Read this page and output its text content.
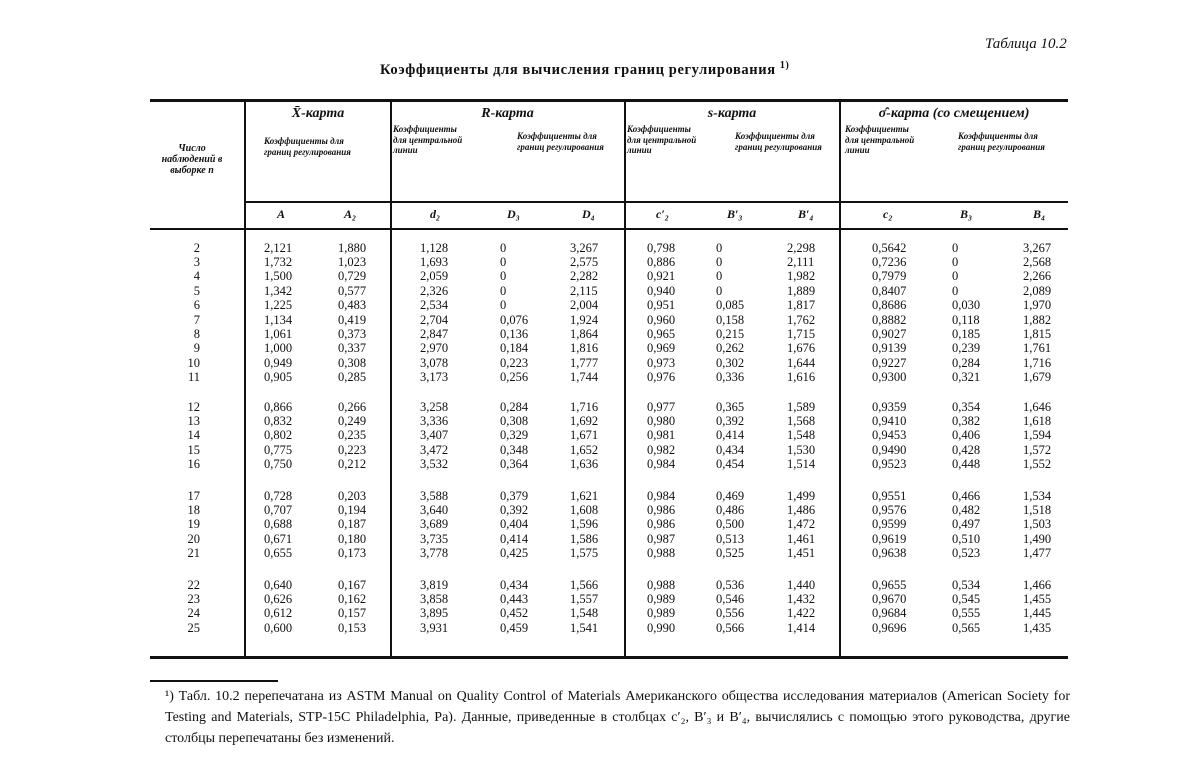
Таблица 10.2
Коэффициенты для вычисления границ регулирования $^{1)}$
Число наблюдений в выборке n
X̄-карта	R-карта	s-карта	σ̂-карта (со смещением)
Коэффициенты для границ регулирования
Коэффициенты для центральной линии
Коэффициенты для границ регулирования
Коэффициенты для центральной линии
Коэффициенты для границ регулирования
Коэффициенты для центральной линии
Коэффициенты для границ регулирования
A	A₂	d₂	D₃	D₄	c′₂	B′₃	B′₄	c₂	B₃	B₄
2	2,121	1,880	1,128	0	3,267	0,798	0	2,298	0,5642	0	3,267
3	1,732	1,023	1,693	0	2,575	0,886	0	2,111	0,7236	0	2,568
4	1,500	0,729	2,059	0	2,282	0,921	0	1,982	0,7979	0	2,266
5	1,342	0,577	2,326	0	2,115	0,940	0	1,889	0,8407	0	2,089
6	1,225	0,483	2,534	0	2,004	0,951	0,085	1,817	0,8686	0,030	1,970
7	1,134	0,419	2,704	0,076	1,924	0,960	0,158	1,762	0,8882	0,118	1,882
8	1,061	0,373	2,847	0,136	1,864	0,965	0,215	1,715	0,9027	0,185	1,815
9	1,000	0,337	2,970	0,184	1,816	0,969	0,262	1,676	0,9139	0,239	1,761
10	0,949	0,308	3,078	0,223	1,777	0,973	0,302	1,644	0,9227	0,284	1,716
11	0,905	0,285	3,173	0,256	1,744	0,976	0,336	1,616	0,9300	0,321	1,679
12	0,866	0,266	3,258	0,284	1,716	0,977	0,365	1,589	0,9359	0,354	1,646
13	0,832	0,249	3,336	0,308	1,692	0,980	0,392	1,568	0,9410	0,382	1,618
14	0,802	0,235	3,407	0,329	1,671	0,981	0,414	1,548	0,9453	0,406	1,594
15	0,775	0,223	3,472	0,348	1,652	0,982	0,434	1,530	0,9490	0,428	1,572
16	0,750	0,212	3,532	0,364	1,636	0,984	0,454	1,514	0,9523	0,448	1,552
17	0,728	0,203	3,588	0,379	1,621	0,984	0,469	1,499	0,9551	0,466	1,534
18	0,707	0,194	3,640	0,392	1,608	0,986	0,486	1,486	0,9576	0,482	1,518
19	0,688	0,187	3,689	0,404	1,596	0,986	0,500	1,472	0,9599	0,497	1,503
20	0,671	0,180	3,735	0,414	1,586	0,987	0,513	1,461	0,9619	0,510	1,490
21	0,655	0,173	3,778	0,425	1,575	0,988	0,525	1,451	0,9638	0,523	1,477
22	0,640	0,167	3,819	0,434	1,566	0,988	0,536	1,440	0,9655	0,534	1,466
23	0,626	0,162	3,858	0,443	1,557	0,989	0,546	1,432	0,9670	0,545	1,455
24	0,612	0,157	3,895	0,452	1,548	0,989	0,556	1,422	0,9684	0,555	1,445
25	0,600	0,153	3,931	0,459	1,541	0,990	0,566	1,414	0,9696	0,565	1,435
¹) Табл. 10.2 перепечатана из ASTM Manual on Quality Control of Materials Американского общества исследования материалов (American Society for Testing and Materials, STP-15C Philadelphia, Pa). Данные, приведенные в столбцах c′₂, B′₃ и B′₄, вычислялись с помощью этого руководства, другие столбцы перепечатаны без изменений.
